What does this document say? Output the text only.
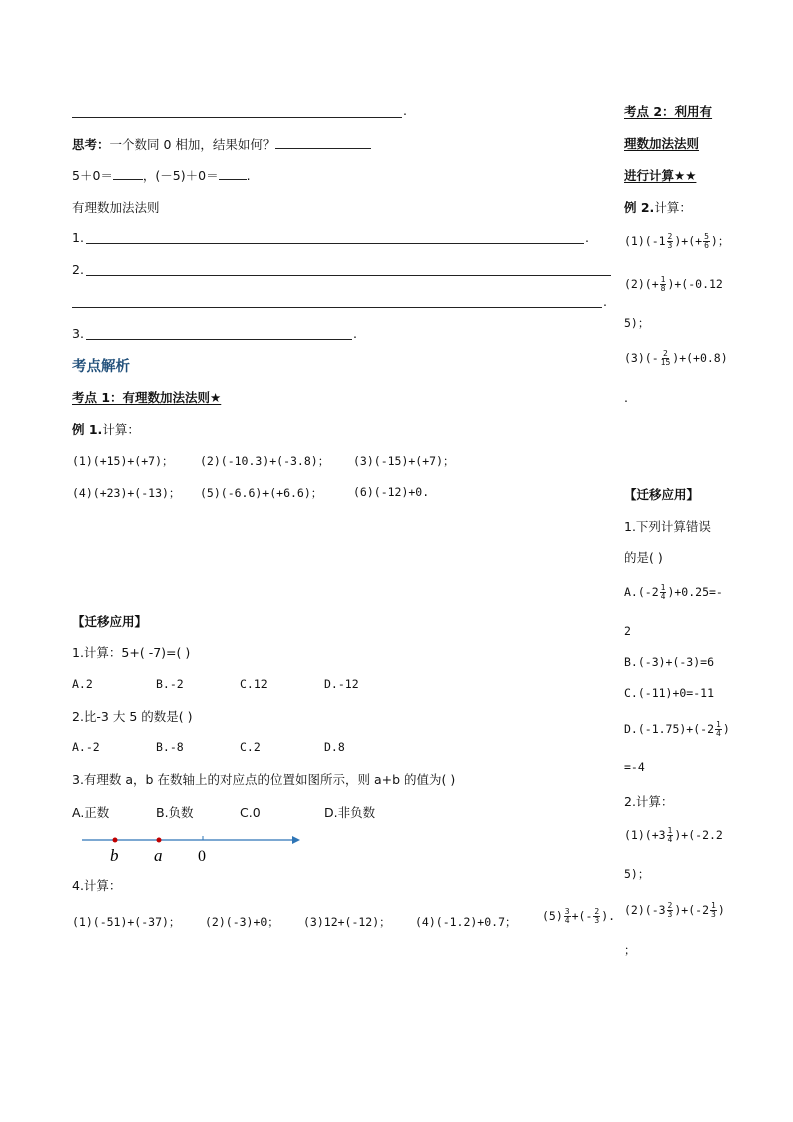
.
思考：一个数同 0 相加，结果如何？
5＋0＝ ，(－5)＋0＝ .
有理数加法法则
1.	.
2.
.
3.	.
考点解析
考点 1：有理数加法法则★
例 1.计算：
(1)(+15)+(+7)； (2)(-10.3)+(-3.8)； (3)(-15)+(+7)；
(4)(+23)+(-13)； (5)(-6.6)+(+6.6)；	(6)(-12)+0.
【迁移应用】
1.计算：5+( -7)=( )
A.2	B.-2	C.12	D.-12
2.比-3 大 5 的数是( )
A.-2	B.-8	C.2	D.8
3.有理数 a，b 在数轴上的对应点的位置如图所示，则 a+b 的值为( )
A.正数	B.负数	C.0	D.非负数
b a 0
4.计算：
(1)(-51)+(-37)； (2)(-3)+0； (3)12+(-12)； (4)(-1.2)+0.7； $(5) \frac{3}{4}$ +(- $\frac{2}{3}$ ).
考点 2：利用有
理数加法法则
进行计算★★
例 2.计算：
$(1)(-1 \frac{2}{3}$ )+(+ $\frac{5}{6}$ )；
$(2)(+ \frac{1}{8} )+(-0.12$
5)；
$(3)(- \frac{2}{15} )+(+0.8)$
.
【迁移应用】
1.下列计算错误
的是( )
$A.(-2 \frac{1}{4} )+0.25=-$
2
B.(-3)+(-3)=6
C.(-11)+0=-11
$D.(-1.75)+(-2 \frac{1}{4}$ )
=-4
2.计算：
$(1)(+3 \frac{1}{4} )+(-2.2$
5)；
$(2)(-3 \frac{2}{3} )+(-2 \frac{1}{3}$ )
；
